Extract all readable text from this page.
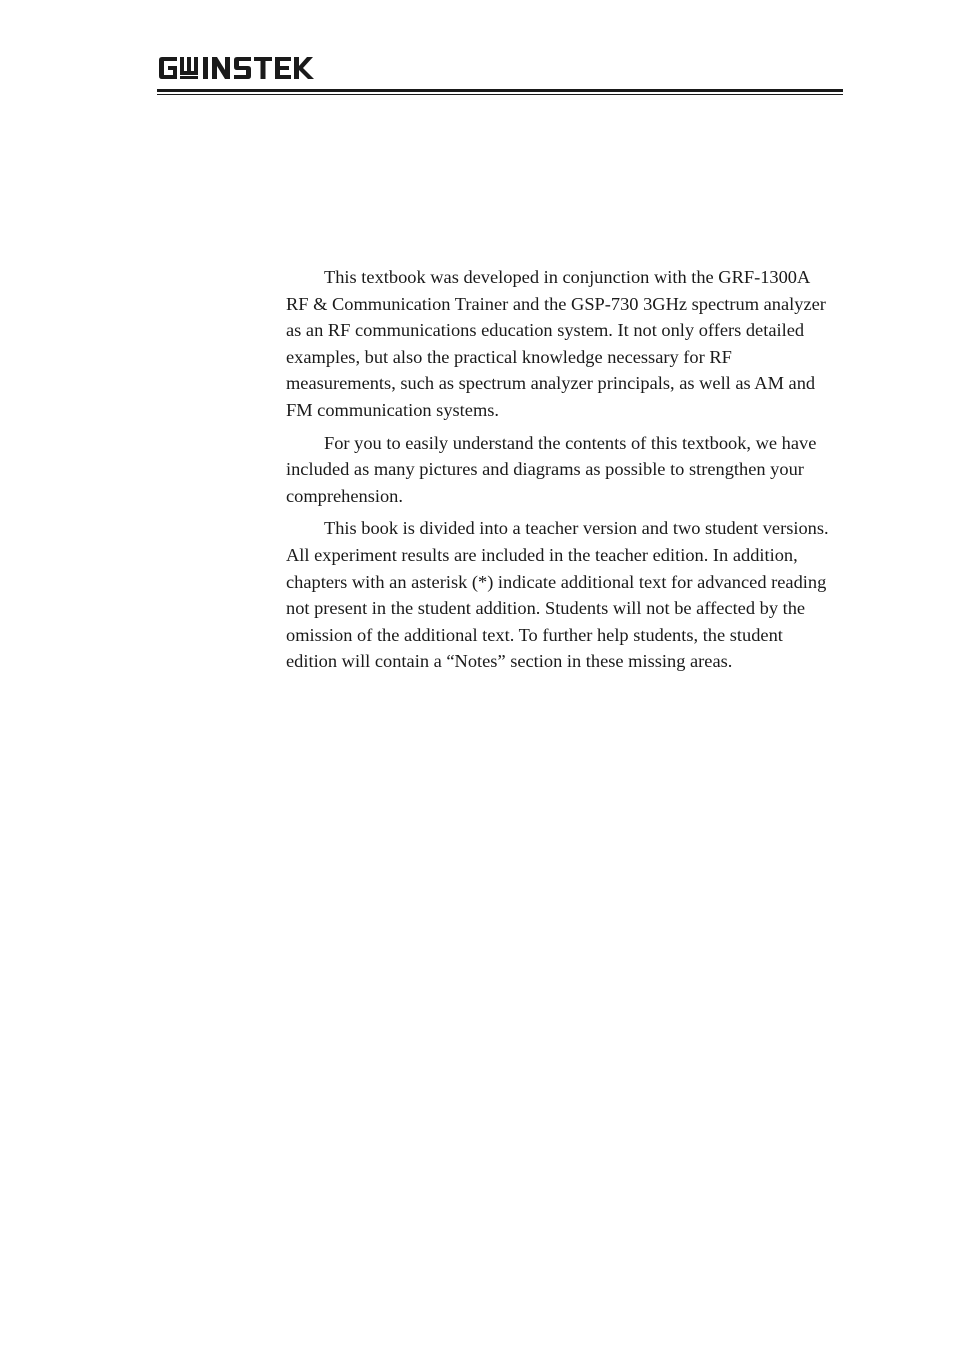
This textbook was developed in conjunction with the GRF-1300A RF & Communication Trainer and the GSP-730 3GHz spectrum analyzer as an RF communications education system. It not only offers detailed examples, but also the practical knowledge necessary for RF measurements, such as spectrum analyzer principals, as well as AM and FM communication systems.

For you to easily understand the contents of this textbook, we have included as many pictures and diagrams as possible to strengthen your comprehension.

This book is divided into a teacher version and two student versions. All experiment results are included in the teacher edition. In addition, chapters with an asterisk (*) indicate additional text for advanced reading not present in the student addition. Students will not be affected by the omission of the additional text. To further help students, the student edition will contain a “Notes” section in these missing areas.
